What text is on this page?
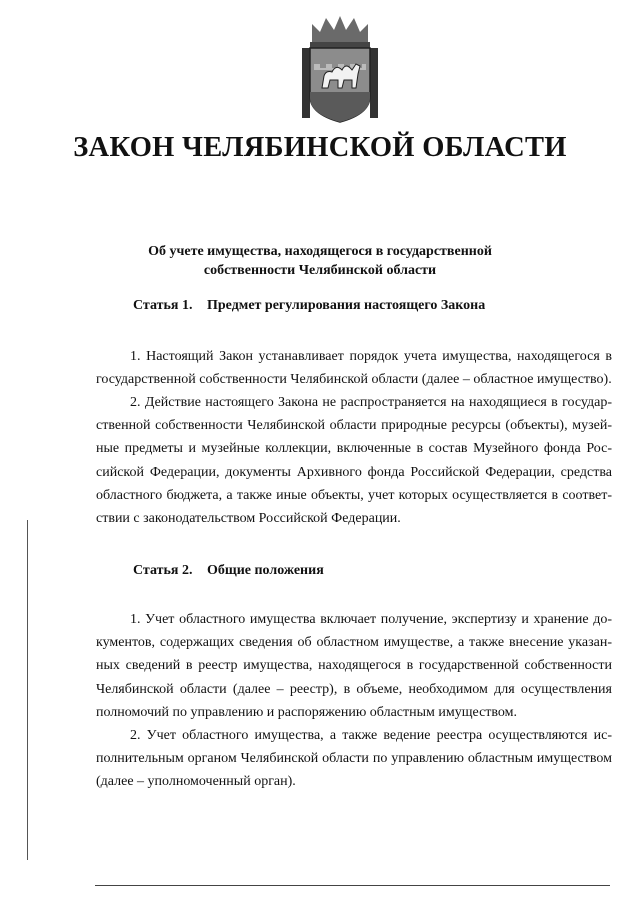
ЗАКОН ЧЕЛЯБИНСКОЙ ОБЛАСТИ
Об учете имущества, находящегося в государственной
собственности Челябинской области
Статья 1. Предмет регулирования настоящего Закона
1. Настоящий Закон устанавливает порядок учета имущества, находящегося в
государственной собственности Челябинской области (далее – областное имущество).
2. Действие настоящего Закона не распространяется на находящиеся в государ-
ственной собственности Челябинской области природные ресурсы (объекты), музей-
ные предметы и музейные коллекции, включенные в состав Музейного фонда Рос-
сийской Федерации, документы Архивного фонда Российской Федерации, средства
областного бюджета, а также иные объекты, учет которых осуществляется в соответ-
ствии с законодательством Российской Федерации.
Статья 2. Общие положения
1. Учет областного имущества включает получение, экспертизу и хранение до-
кументов, содержащих сведения об областном имуществе, а также внесение указан-
ных сведений в реестр имущества, находящегося в государственной собственности
Челябинской области (далее – реестр), в объеме, необходимом для осуществления
полномочий по управлению и распоряжению областным имуществом.
2. Учет областного имущества, а также ведение реестра осуществляются ис-
полнительным органом Челябинской области по управлению областным имуществом
(далее – уполномоченный орган).
